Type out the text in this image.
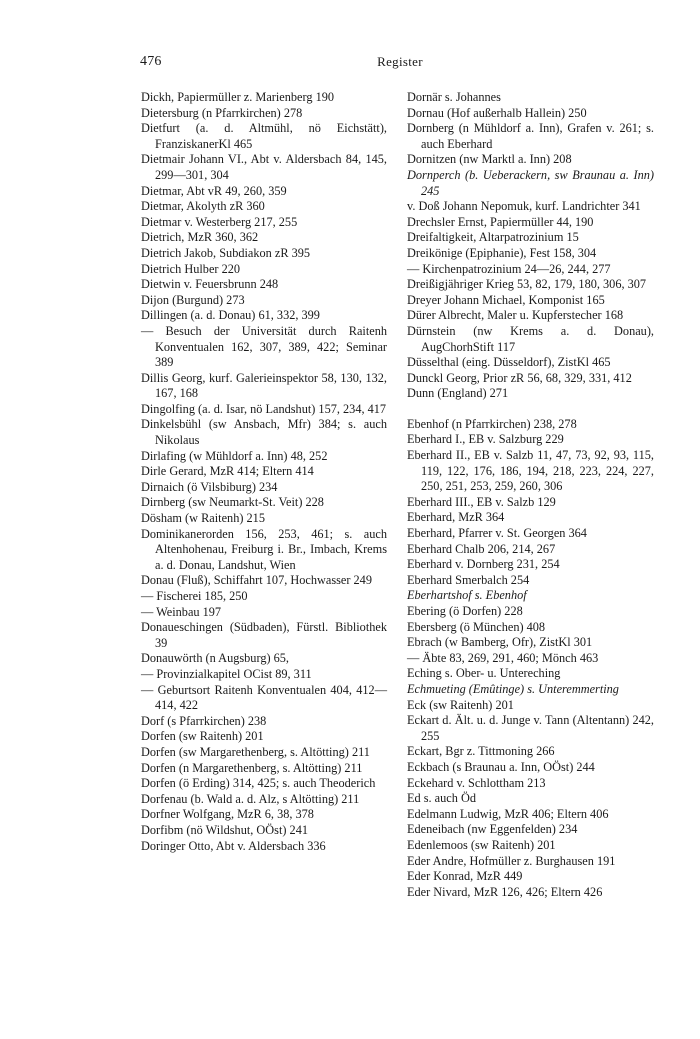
476	Register
Dickh, Papiermüller z. Marienberg 190
Dietersburg (n Pfarrkirchen) 278
Dietfurt (a. d. Altmühl, nö Eichstätt), FranziskanerKl 465
Dietmair Johann VI., Abt v. Aldersbach 84, 145, 299—301, 304
Dietmar, Abt vR 49, 260, 359
Dietmar, Akolyth zR 360
Dietmar v. Westerberg 217, 255
Dietrich, MzR 360, 362
Dietrich Jakob, Subdiakon zR 395
Dietrich Hulber 220
Dietwin v. Feuersbrunn 248
Dijon (Burgund) 273
Dillingen (a. d. Donau) 61, 332, 399
— Besuch der Universität durch Raitenh Konventualen 162, 307, 389, 422; Seminar 389
Dillis Georg, kurf. Galerieinspektor 58, 130, 132, 167, 168
Dingolfing (a. d. Isar, nö Landshut) 157, 234, 417
Dinkelsbühl (sw Ansbach, Mfr) 384; s. auch Nikolaus
Dirlafing (w Mühldorf a. Inn) 48, 252
Dirle Gerard, MzR 414; Eltern 414
Dirnaich (ö Vilsbiburg) 234
Dirnberg (sw Neumarkt-St. Veit) 228
Dösham (w Raitenh) 215
Dominikanerorden 156, 253, 461; s. auch Altenhohenau, Freiburg i. Br., Imbach, Krems a. d. Donau, Landshut, Wien
Donau (Fluß), Schiffahrt 107, Hochwasser 249
— Fischerei 185, 250
— Weinbau 197
Donaueschingen (Südbaden), Fürstl. Bibliothek 39
Donauwörth (n Augsburg) 65,
— Provinzialkapitel OCist 89, 311
— Geburtsort Raitenh Konventualen 404, 412—414, 422
Dorf (s Pfarrkirchen) 238
Dorfen (sw Raitenh) 201
Dorfen (sw Margarethenberg, s. Altötting) 211
Dorfen (n Margarethenberg, s. Altötting) 211
Dorfen (ö Erding) 314, 425; s. auch Theoderich
Dorfenau (b. Wald a. d. Alz, s Altötting) 211
Dorfner Wolfgang, MzR 6, 38, 378
Dorfibm (nö Wildshut, OÖst) 241
Doringer Otto, Abt v. Aldersbach 336
Dornär s. Johannes
Dornau (Hof außerhalb Hallein) 250
Dornberg (n Mühldorf a. Inn), Grafen v. 261; s. auch Eberhard
Dornitzen (nw Marktl a. Inn) 208
Dornperch (b. Ueberackern, sw Braunau a. Inn) 245
v. Doß Johann Nepomuk, kurf. Landrichter 341
Drechsler Ernst, Papiermüller 44, 190
Dreifaltigkeit, Altarpatrozinium 15
Dreikönige (Epiphanie), Fest 158, 304
— Kirchenpatrozinium 24—26, 244, 277
Dreißigjähriger Krieg 53, 82, 179, 180, 306, 307
Dreyer Johann Michael, Komponist 165
Dürer Albrecht, Maler u. Kupferstecher 168
Dürnstein (nw Krems a. d. Donau), AugChorhStift 117
Düsselthal (eing. Düsseldorf), ZistKl 465
Dunckl Georg, Prior zR 56, 68, 329, 331, 412
Dunn (England) 271
Ebenhof (n Pfarrkirchen) 238, 278
Eberhard I., EB v. Salzburg 229
Eberhard II., EB v. Salzb 11, 47, 73, 92, 93, 115, 119, 122, 176, 186, 194, 218, 223, 224, 227, 250, 251, 253, 259, 260, 306
Eberhard III., EB v. Salzb 129
Eberhard, MzR 364
Eberhard, Pfarrer v. St. Georgen 364
Eberhard Chalb 206, 214, 267
Eberhard v. Dornberg 231, 254
Eberhard Smerbalch 254
Eberhartshof s. Ebenhof
Ebering (ö Dorfen) 228
Ebersberg (ö München) 408
Ebrach (w Bamberg, Ofr), ZistKl 301
— Äbte 83, 269, 291, 460; Mönch 463
Eching s. Ober- u. Untereching
Echmueting (Emûtinge) s. Unteremmerting
Eck (sw Raitenh) 201
Eckart d. Ält. u. d. Junge v. Tann (Altentann) 242, 255
Eckart, Bgr z. Tittmoning 266
Eckbach (s Braunau a. Inn, OÖst) 244
Eckehard v. Schlottham 213
Ed s. auch Öd
Edelmann Ludwig, MzR 406; Eltern 406
Edeneibach (nw Eggenfelden) 234
Edenlemoos (sw Raitenh) 201
Eder Andre, Hofmüller z. Burghausen 191
Eder Konrad, MzR 449
Eder Nivard, MzR 126, 426; Eltern 426
